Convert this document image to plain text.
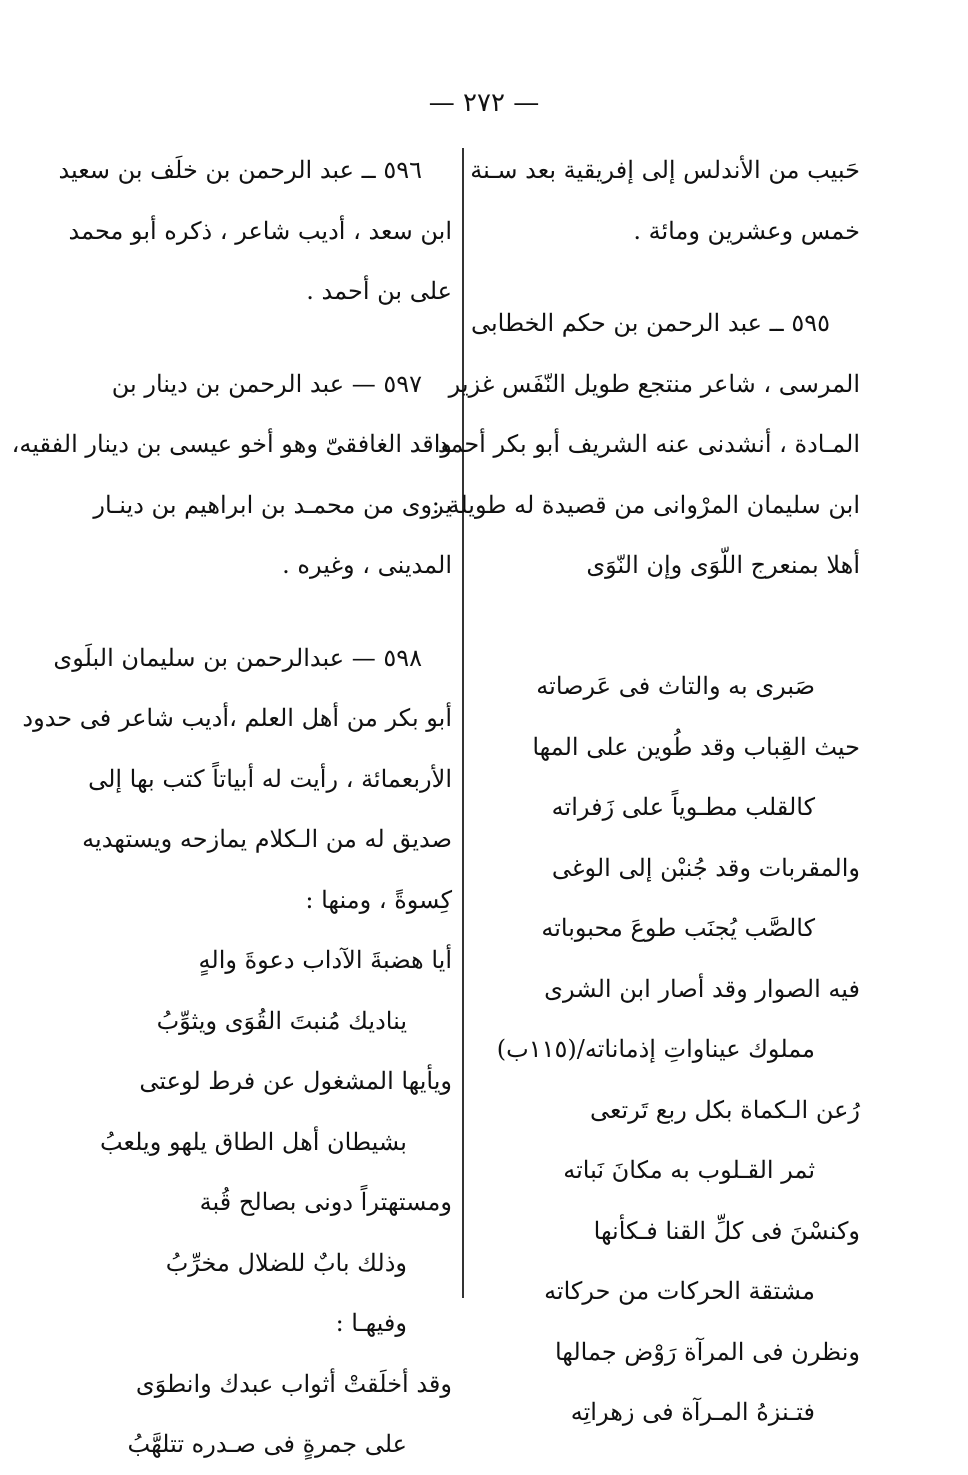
— ٢٧٢ —
حَبيب من الأندلس إلى إفريقية بعد سـنة
خمس وعشرين ومائة .
٥٩٥ ــ عبد الرحمن بن حكم الخطابى
المرسى ، شاعر منتجع طويل النّفَس غزير
المـادة ، أنشدنى عنه الشريف أبو بكر أحمد
ابن سليمان المرْوانى من قصيدة له طويلة :
أهلا بمنعرج اللّوَى وإن النّوَى
صَبرى به والتاث فى عَرصاته
حيث القِباب وقد طُوين على المها
كالقلب مطـوياً على زَفراته
والمقربات وقد جُنبْن إلى الوغى
كالصَّب يُجنَب طوعَ محبوباته
فيه الصوار وقد أصار ابن الشرى
مملوك عيناواتِ إذماناته/(١١٥ب)
رُعن الـكماة بكل ربع تَرتعى
ثمر القـلوب به مكانَ نَباته
وكنسْنَ فى كلِّ القنا فـكأنها
مشتقة الحركات من حركاته
ونظرن فى المرآة رَوْض جمالها
فتـنزهُ المـرآة فى زهراتِه
٥٩٦ ــ عبد الرحمن بن خلَف بن سعيد
ابن سعد ، أديب شاعر ، ذكره أبو محمد
على بن أحمد .
٥٩٧ — عبد الرحمن بن دينار بن
واقد الغافقىّ وهو أخو عيسى بن دينار الفقيه،
يروى من محمـد بن ابراهيم بن دينـار
المدينى ، وغيره .
٥٩٨ — عبدالرحمن بن سليمان البلَوى
أبو بكر من أهل العلم ،أديب شاعر فى حدود
الأربعمائة ، رأيت له أبياتاً كتب بها إلى
صديق له من الـكلام يمازحه ويستهديه
كِسوةً ، ومنها :
أيا هضبةَ الآداب دعوةَ والهٍ
يناديك مُنبتَ القُوَى ويثوِّبُ
ويأيها المشغول عن فرط لوعتى
بشيطان أهل الطاق يلهو ويلعبُ
ومستهتراً دونى بصالح قُبة
وذلك بابٌ للضلال مخرِّبُ
وفيهـا :
وقد أخلَقتْ أثواب عبدك وانطوَى
على جمرةٍ فى صـدره تتلهَّبُ
